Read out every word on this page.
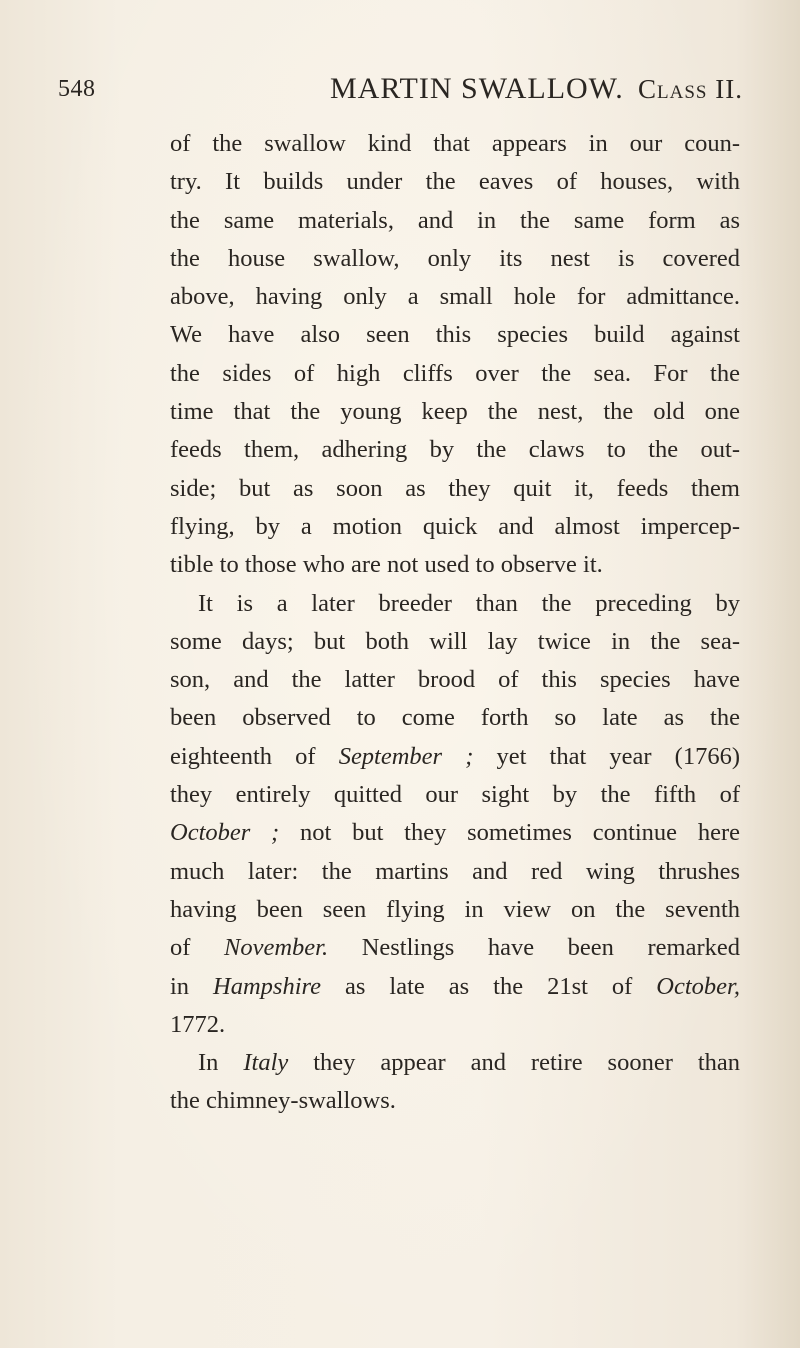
548	MARTIN SWALLOW. Class II.
of the swallow kind that appears in our coun-
try. It builds under the eaves of houses, with
the same materials, and in the same form as
the house swallow, only its nest is covered
above, having only a small hole for admittance.
We have also seen this species build against
the sides of high cliffs over the sea. For the
time that the young keep the nest, the old one
feeds them, adhering by the claws to the out-
side; but as soon as they quit it, feeds them
flying, by a motion quick and almost impercep-
tible to those who are not used to observe it.
It is a later breeder than the preceding by
some days; but both will lay twice in the sea-
son, and the latter brood of this species have
been observed to come forth so late as the
eighteenth of September ; yet that year (1766)
they entirely quitted our sight by the fifth of
October ; not but they sometimes continue here
much later: the martins and red wing thrushes
having been seen flying in view on the seventh
of November. Nestlings have been remarked
in Hampshire as late as the 21st of October,
1772.
In Italy they appear and retire sooner than
the chimney-swallows.
